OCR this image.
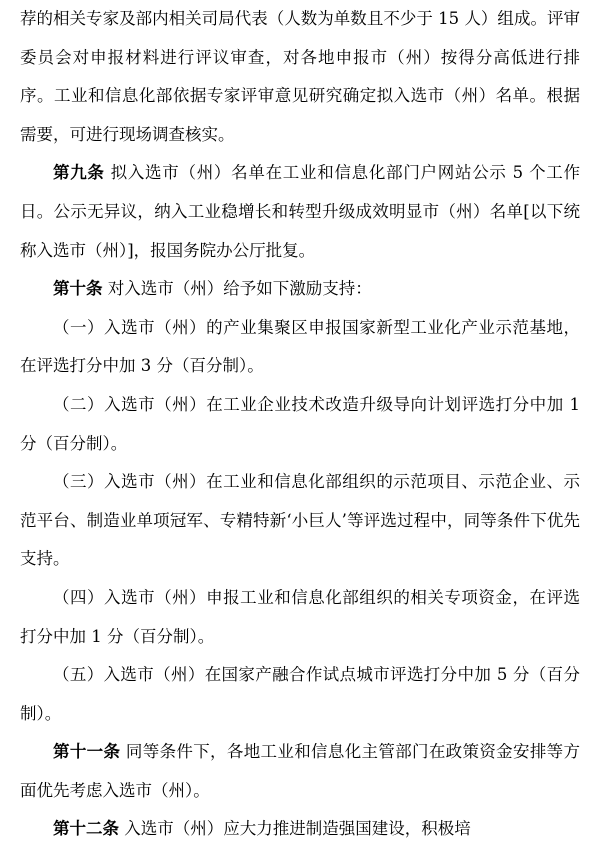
荐的相关专家及部内相关司局代表（人数为单数且不少于 15 人）组成。评审委员会对申报材料进行评议审查，对各地申报市（州）按得分高低进行排序。工业和信息化部依据专家评审意见研究确定拟入选市（州）名单。根据需要，可进行现场调查核实。

第九条 拟入选市（州）名单在工业和信息化部门户网站公示 5 个工作日。公示无异议，纳入工业稳增长和转型升级成效明显市（州）名单[以下统称入选市（州）]，报国务院办公厅批复。

第十条 对入选市（州）给予如下激励支持：

（一）入选市（州）的产业集聚区申报国家新型工业化产业示范基地，在评选打分中加 3 分（百分制）。

（二）入选市（州）在工业企业技术改造升级导向计划评选打分中加 1 分（百分制）。

（三）入选市（州）在工业和信息化部组织的示范项目、示范企业、示范平台、制造业单项冠军、专精特新‘小巨人’等评选过程中，同等条件下优先支持。

（四）入选市（州）申报工业和信息化部组织的相关专项资金，在评选打分中加 1 分（百分制）。

（五）入选市（州）在国家产融合作试点城市评选打分中加 5 分（百分制）。

第十一条 同等条件下，各地工业和信息化主管部门在政策资金安排等方面优先考虑入选市（州）。

第十二条 入选市（州）应大力推进制造强国建设，积极培
